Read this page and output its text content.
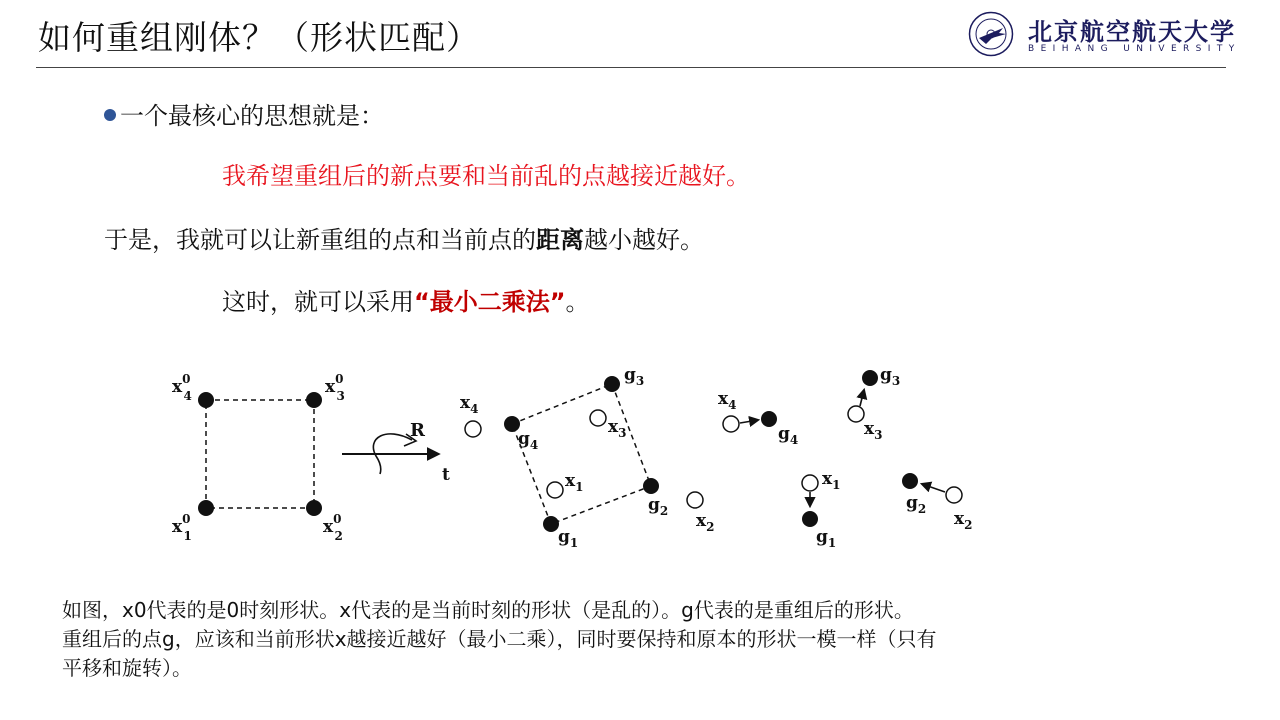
如何重组刚体？（形状匹配）	北京航空航天大学
BEIHANG UNIVERSITY
一个最核心的思想就是：
我希望重组后的新点要和当前乱的点越接近越好。
于是，我就可以让新重组的点和当前点的距离越小越好。
这时，就可以采用“最小二乘法”。
$x^0$ 4	$x^0$ 3
$x^0$ 1	$x^0$ 2
R
t
$x_4$
$g_4$
$g_3$
$x_3$
$x_1$
$g_2$
$g_1$
$x_2$
$x_4$
$g_4$
$x_3$
$g_3$
$x_1$
$g_1$
$g_2$ $x_2$
如图，x0代表的是0时刻形状。x代表的是当前时刻的形状（是乱的）。g代表的是重组后的形状。
重组后的点g，应该和当前形状x越接近越好（最小二乘），同时要保持和原本的形状一模一样（只有
平移和旋转）。
